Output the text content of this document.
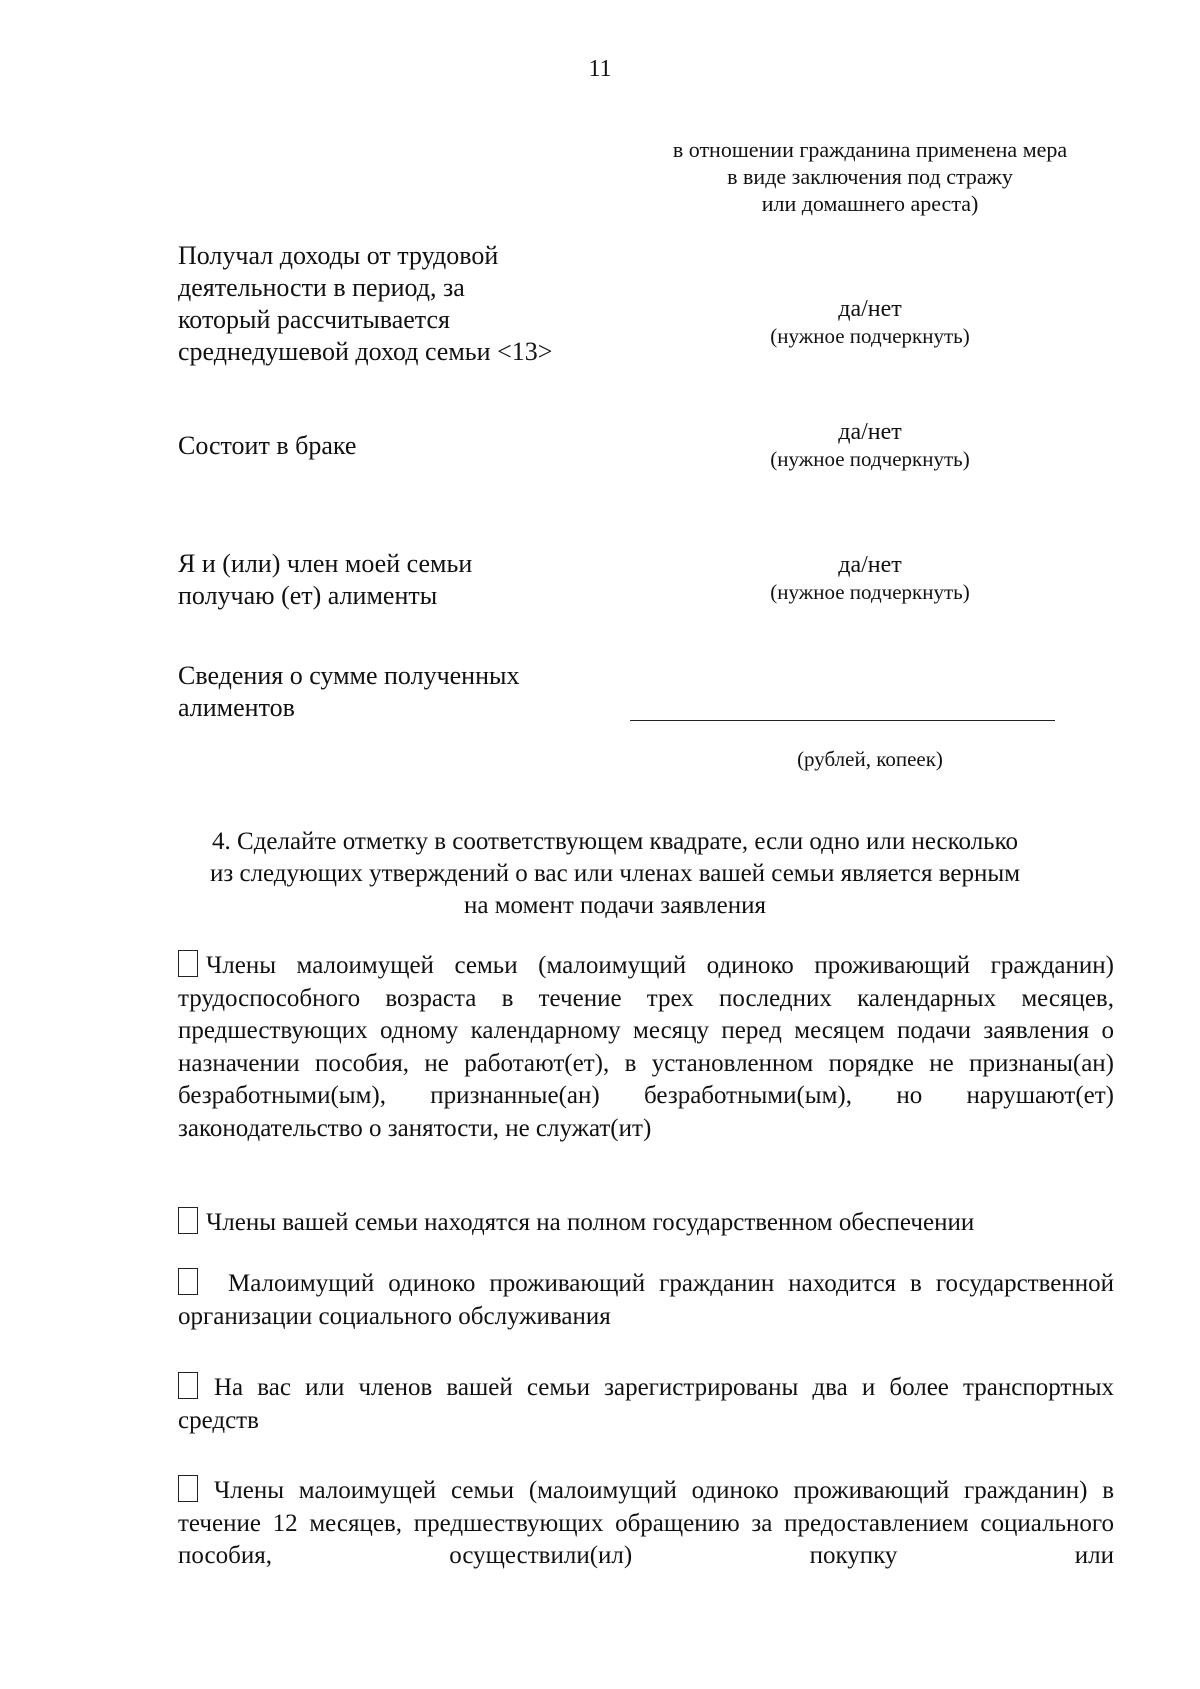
11
в отношении гражданина применена мера
в виде заключения под стражу
или домашнего ареста)
Получал доходы от трудовой
деятельности в период, за
который рассчитывается
среднедушевой доход семьи <13>
да/нет
(нужное подчеркнуть)
Состоит в браке	да/нет
(нужное подчеркнуть)
Я и (или) член моей семьи
получаю (ет) алименты
да/нет
(нужное подчеркнуть)
Сведения о сумме полученных
алиментов
(рублей, копеек)
4. Сделайте отметку в соответствующем квадрате, если одно или несколько
из следующих утверждений о вас или членах вашей семьи является верным
на момент подачи заявления
Члены малоимущей семьи (малоимущий одиноко проживающий гражданин) трудоспособного возраста в течение трех последних календарных месяцев, предшествующих одному календарному месяцу перед месяцем подачи заявления о назначении пособия, не работают(ет), в установленном порядке не признаны(ан) безработными(ым), признанные(ан) безработными(ым), но нарушают(ет) законодательство о занятости, не служат(ит)
Члены вашей семьи находятся на полном государственном обеспечении
Малоимущий одиноко проживающий гражданин находится в государственной организации социального обслуживания
На вас или членов вашей семьи зарегистрированы два и более транспортных средств
Члены малоимущей семьи (малоимущий одиноко проживающий гражданин) в течение 12 месяцев, предшествующих обращению за предоставлением социального пособия, осуществили(ил) покупку или
